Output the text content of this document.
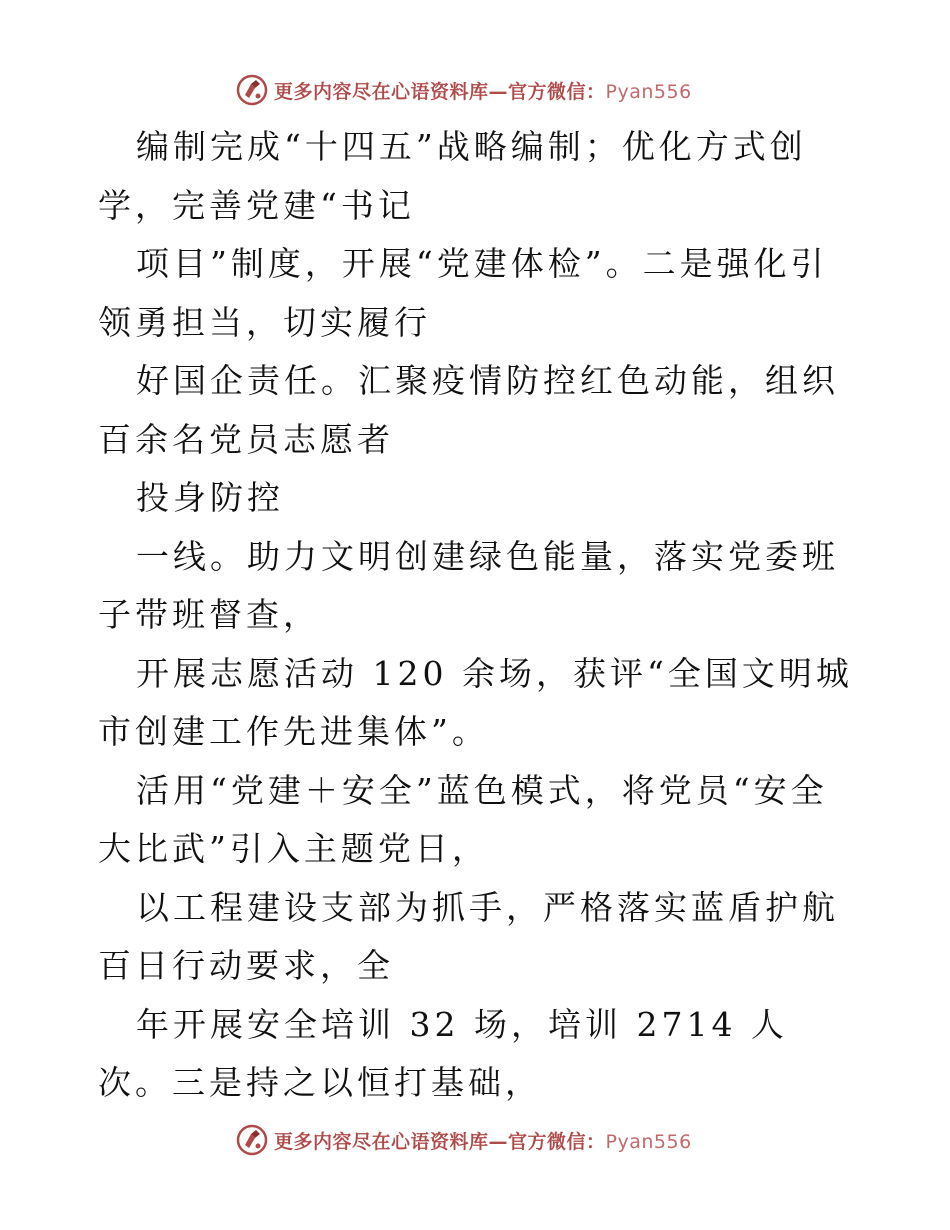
更多内容尽在心语资料库—官方微信：Pyan556

编制完成“十四五”战略编制；优化方式创学，完善党建“书记

项目”制度，开展“党建体检”。二是强化引领勇担当，切实履行

好国企责任。汇聚疫情防控红色动能，组织百余名党员志愿者

投身防控

一线。助力文明创建绿色能量，落实党委班子带班督查，

开展志愿活动 120 余场，获评“全国文明城市创建工作先进集体”。

活用“党建＋安全”蓝色模式，将党员“安全大比武”引入主题党日，

以工程建设支部为抓手，严格落实蓝盾护航百日行动要求，全

年开展安全培训 32 场，培训 2714 人次。三是持之以恒打基础，

更多内容尽在心语资料库—官方微信：Pyan556
